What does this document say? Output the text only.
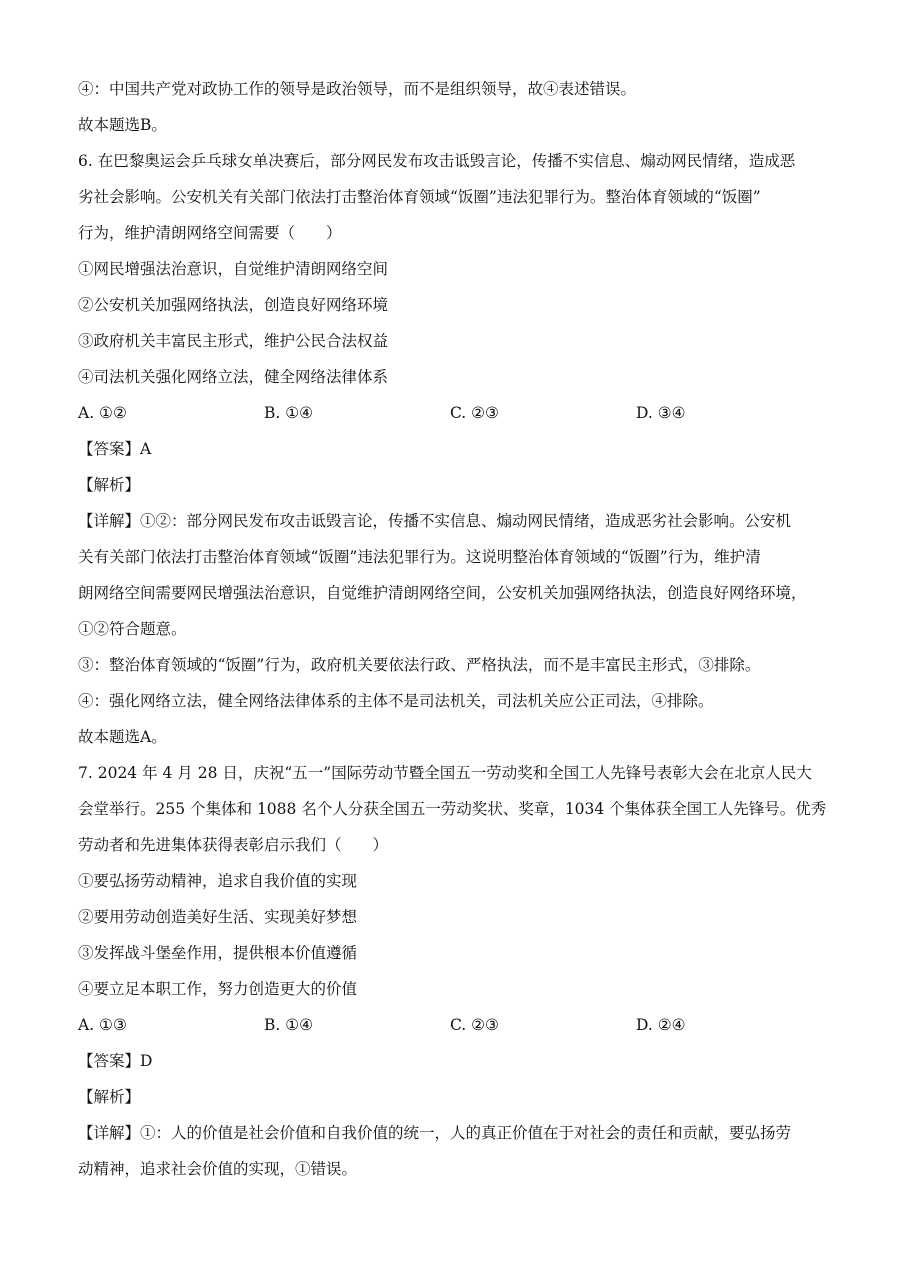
④：中国共产党对政协工作的领导是政治领导，而不是组织领导，故④表述错误。
故本题选B。
6. 在巴黎奥运会乒乓球女单决赛后，部分网民发布攻击诋毁言论，传播不实信息、煽动网民情绪，造成恶
劣社会影响。公安机关有关部门依法打击整治体育领域“饭圈”违法犯罪行为。整治体育领域的“饭圈”
行为，维护清朗网络空间需要（　　）
①网民增强法治意识，自觉维护清朗网络空间
②公安机关加强网络执法，创造良好网络环境
③政府机关丰富民主形式，维护公民合法权益
④司法机关强化网络立法，健全网络法律体系
A. ①②	B. ①④	C. ②③	D. ③④
【答案】A
【解析】
【详解】①②：部分网民发布攻击诋毁言论，传播不实信息、煽动网民情绪，造成恶劣社会影响。公安机
关有关部门依法打击整治体育领域“饭圈”违法犯罪行为。这说明整治体育领域的“饭圈”行为，维护清
朗网络空间需要网民增强法治意识，自觉维护清朗网络空间，公安机关加强网络执法，创造良好网络环境，
①②符合题意。
③：整治体育领域的“饭圈”行为，政府机关要依法行政、严格执法，而不是丰富民主形式，③排除。
④：强化网络立法，健全网络法律体系的主体不是司法机关，司法机关应公正司法，④排除。
故本题选A。
7. 2024 年 4 月 28 日，庆祝“五一”国际劳动节暨全国五一劳动奖和全国工人先锋号表彰大会在北京人民大
会堂举行。255 个集体和 1088 名个人分获全国五一劳动奖状、奖章，1034 个集体获全国工人先锋号。优秀
劳动者和先进集体获得表彰启示我们（　　）
①要弘扬劳动精神，追求自我价值的实现
②要用劳动创造美好生活、实现美好梦想
③发挥战斗堡垒作用，提供根本价值遵循
④要立足本职工作，努力创造更大的价值
A. ①③	B. ①④	C. ②③	D. ②④
【答案】D
【解析】
【详解】①：人的价值是社会价值和自我价值的统一，人的真正价值在于对社会的责任和贡献，要弘扬劳
动精神，追求社会价值的实现，①错误。
